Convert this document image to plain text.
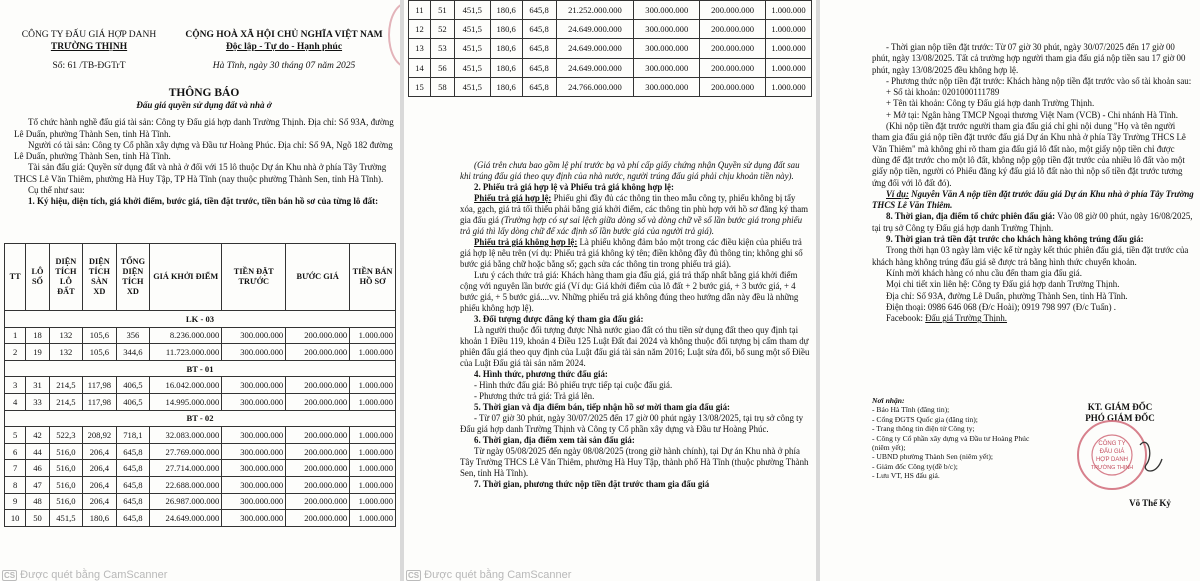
CÔNG TY ĐẤU GIÁ HỢP DANH
TRƯỜNG THỊNH
Số: 61 /TB-ĐGTrT
CỘNG HOÀ XÃ HỘI CHỦ NGHĨA VIỆT NAM
Độc lập - Tự do - Hạnh phúc
Hà Tĩnh, ngày 30 tháng 07 năm 2025
THÔNG BÁO
Đấu giá quyền sử dụng đất và nhà ở
Tổ chức hành nghề đấu giá tài sản: Công ty Đấu giá hợp danh Trường Thịnh. Địa chỉ: Số 93A, đường Lê Duẩn, phường Thành Sen, tỉnh Hà Tĩnh.
Người có tài sản: Công ty Cổ phần xây dựng và Đầu tư Hoàng Phúc. Địa chỉ: Số 9A, Ngõ 182 đường Lê Duẩn, phường Thành Sen, tỉnh Hà Tĩnh.
Tài sản đấu giá: Quyền sử dụng đất và nhà ở đối với 15 lô thuộc Dự án Khu nhà ở phía Tây Trường THCS Lê Văn Thiêm, phường Hà Huy Tập, TP Hà Tĩnh (nay thuộc phường Thành Sen, tỉnh Hà Tĩnh).
Cụ thể như sau:
1. Ký hiệu, diện tích, giá khởi điểm, bước giá, tiền đặt trước, tiền bán hồ sơ của từng lô đất:
TT	LÔ SỐ	DIỆN TÍCH LÔ ĐẤT	DIỆN TÍCH SÀN XD	TỔNG DIỆN TÍCH XD	GIÁ KHỞI ĐIỂM	TIỀN ĐẶT TRƯỚC	BƯỚC GIÁ	TIỀN BÁN HỒ SƠ
LK - 03								
1	18	132	105,6	356	8.236.000.000	300.000.000	200.000.000	1.000.000
2	19	132	105,6	344,6	11.723.000.000	300.000.000	200.000.000	1.000.000
BT - 01								
3	31	214,5	117,98	406,5	16.042.000.000	300.000.000	200.000.000	1.000.000
4	33	214,5	117,98	406,5	14.995.000.000	300.000.000	200.000.000	1.000.000
BT - 02								
5	42	522,3	208,92	718,1	32.083.000.000	300.000.000	200.000.000	1.000.000
6	44	516,0	206,4	645,8	27.769.000.000	300.000.000	200.000.000	1.000.000
7	46	516,0	206,4	645,8	27.714.000.000	300.000.000	200.000.000	1.000.000
8	47	516,0	206,4	645,8	22.688.000.000	300.000.000	200.000.000	1.000.000
9	48	516,0	206,4	645,8	26.987.000.000	300.000.000	200.000.000	1.000.000
10	50	451,5	180,6	645,8	24.649.000.000	300.000.000	200.000.000	1.000.000
CS Được quét bằng CamScanner
11	51	451,5	180,6	645,8	21.252.000.000	300.000.000	200.000.000	1.000.000
12	52	451,5	180,6	645,8	24.649.000.000	300.000.000	200.000.000	1.000.000
13	53	451,5	180,6	645,8	24.649.000.000	300.000.000	200.000.000	1.000.000
14	56	451,5	180,6	645,8	24.649.000.000	300.000.000	200.000.000	1.000.000
15	58	451,5	180,6	645,8	24.766.000.000	300.000.000	200.000.000	1.000.000
(Giá trên chưa bao gồm lệ phí trước bạ và phí cấp giấy chứng nhận Quyền sử dụng đất sau khi trúng đấu giá theo quy định của nhà nước, người trúng đấu giá phải chịu khoản tiền này).
2. Phiếu trả giá hợp lệ và Phiếu trả giá không hợp lệ:
Phiếu trả giá hợp lệ: Phiếu ghi đầy đủ các thông tin theo mẫu công ty, phiếu không bị tẩy xóa, gạch, giá trả tối thiểu phải bằng giá khởi điểm, các thông tin phù hợp với hồ sơ đăng ký tham gia đấu giá (Trường hợp có sự sai lệch giữa dòng số và dòng chữ về số lần bước giá trong phiếu trả giá thì lấy dòng chữ để xác định số lần bước giá của người trả giá).
Phiếu trả giá không hợp lệ: Là phiếu không đảm bảo một trong các điều kiện của phiếu trả giá hợp lệ nêu trên (ví dụ: Phiếu trả giá không ký tên; điền không đầy đủ thông tin; không ghi số bước giá bằng chữ hoặc bằng số; gạch sửa các thông tin trong phiếu trả giá).
Lưu ý cách thức trả giá: Khách hàng tham gia đấu giá, giá trả thấp nhất bằng giá khởi điểm cộng với nguyên lần bước giá (Ví dụ: Giá khởi điểm của lô đất + 2 bước giá, + 3 bước giá, + 4 bước giá, + 5 bước giá....vv. Những phiếu trả giá không đúng theo hướng dẫn này đều là những phiếu không hợp lệ).
3. Đối tượng được đăng ký tham gia đấu giá:
Là người thuộc đối tượng được Nhà nước giao đất có thu tiền sử dụng đất theo quy định tại khoản 1 Điều 119, khoản 4 Điều 125 Luật Đất đai 2024 và không thuộc đối tượng bị cấm tham dự phiên đấu giá theo quy định của Luật đấu giá tài sản năm 2016; Luật sửa đổi, bổ sung một số Điều của Luật Đấu giá tài sản năm 2024.
4. Hình thức, phương thức đấu giá:
- Hình thức đấu giá: Bỏ phiếu trực tiếp tại cuộc đấu giá.
- Phương thức trả giá: Trả giá lên.
5. Thời gian và địa điểm bán, tiếp nhận hồ sơ mời tham gia đấu giá:
- Từ 07 giờ 30 phút, ngày 30/07/2025 đến 17 giờ 00 phút ngày 13/08/2025, tại trụ sở công ty Đấu giá hợp danh Trường Thịnh và Công ty Cổ phần xây dựng và Đầu tư Hoàng Phúc.
6. Thời gian, địa điểm xem tài sản đấu giá:
Từ ngày 05/08/2025 đến ngày 08/08/2025 (trong giờ hành chính), tại Dự án Khu nhà ở phía Tây Trường THCS Lê Văn Thiêm, phường Hà Huy Tập, thành phố Hà Tĩnh (thuộc phường Thành Sen, tỉnh Hà Tĩnh).
7. Thời gian, phương thức nộp tiền đặt trước tham gia đấu giá
CS Được quét bằng CamScanner
- Thời gian nộp tiền đặt trước: Từ 07 giờ 30 phút, ngày 30/07/2025 đến 17 giờ 00 phút, ngày 13/08/2025. Tất cả trường hợp người tham gia đấu giá nộp tiền sau 17 giờ 00 phút, ngày 13/08/2025 đều không hợp lệ.
- Phương thức nộp tiền đặt trước: Khách hàng nộp tiền đặt trước vào số tài khoản sau:
+ Số tài khoản: 0201000111789
+ Tên tài khoản: Công ty Đấu giá hợp danh Trường Thịnh.
+ Mở tại: Ngân hàng TMCP Ngoại thương Việt Nam (VCB) - Chi nhánh Hà Tĩnh.
(Khi nộp tiền đặt trước người tham gia đấu giá chỉ ghi nội dung "Họ và tên người tham gia đấu giá nộp tiền đặt trước đấu giá Dự án Khu nhà ở phía Tây Trường THCS Lê Văn Thiêm" mà không ghi rõ tham gia đấu giá lô đất nào, một giấy nộp tiền chỉ được dùng để đặt trước cho một lô đất, không nộp gộp tiền đặt trước của nhiều lô đất vào một giấy nộp tiền, người có Phiếu đăng ký đấu giá lô đất nào thì nộp số tiền đặt trước tương ứng đối với lô đất đó).
Ví dụ: Nguyễn Văn A nộp tiền đặt trước đấu giá Dự án Khu nhà ở phía Tây Trường THCS Lê Văn Thiêm.
8. Thời gian, địa điểm tổ chức phiên đấu giá: Vào 08 giờ 00 phút, ngày 16/08/2025, tại trụ sở Công ty Đấu giá hợp danh Trường Thịnh.
9. Thời gian trả tiền đặt trước cho khách hàng không trúng đấu giá:
Trong thời hạn 03 ngày làm việc kể từ ngày kết thúc phiên đấu giá, tiền đặt trước của khách hàng không trúng đấu giá sẽ được trả bằng hình thức chuyển khoản.
Kính mời khách hàng có nhu cầu đến tham gia đấu giá.
Mọi chi tiết xin liên hệ: Công ty Đấu giá hợp danh Trường Thịnh.
Địa chỉ: Số 93A, đường Lê Duẩn, phường Thành Sen, tỉnh Hà Tĩnh.
Điện thoại: 0986 646 068 (Đ/c Hoài); 0919 798 997 (Đ/c Tuấn) .
Facebook: Đấu giá Trường Thịnh.
Nơi nhận:
- Báo Hà Tĩnh (đăng tin);
- Cổng ĐGTS Quốc gia (đăng tin);
- Trang thông tin điện tử Công ty;
- Công ty Cổ phần xây dựng và Đầu tư Hoàng Phúc (niêm yết);
- UBND phường Thành Sen (niêm yết);
- Giám đốc Công ty(đề b/c);
- Lưu VT, HS đấu giá.
KT. GIÁM ĐỐC
PHÓ GIÁM ĐỐC
CÔNG TY
ĐẤU GIÁ
HỢP DANH
TRƯỜNG THỊNH
Võ Thế Kỷ
